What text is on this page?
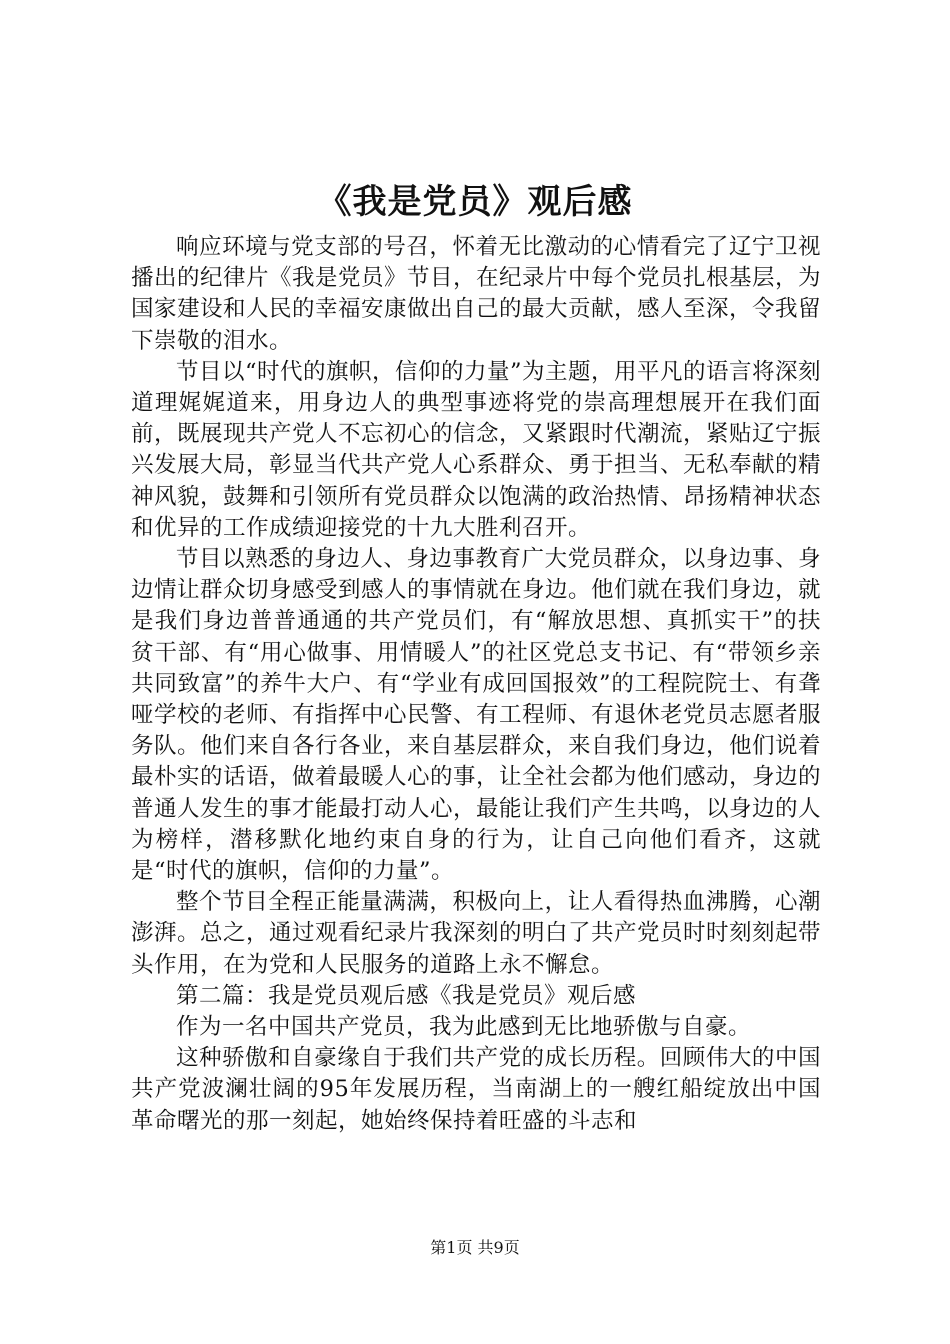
《我是党员》观后感

响应环境与党支部的号召，怀着无比激动的心情看完了辽宁卫视播出的纪律片《我是党员》节目，在纪录片中每个党员扎根基层，为国家建设和人民的幸福安康做出自己的最大贡献，感人至深，令我留下崇敬的泪水。

节目以“时代的旗帜，信仰的力量”为主题，用平凡的语言将深刻道理娓娓道来，用身边人的典型事迹将党的崇高理想展开在我们面前，既展现共产党人不忘初心的信念，又紧跟时代潮流，紧贴辽宁振兴发展大局，彰显当代共产党人心系群众、勇于担当、无私奉献的精神风貌，鼓舞和引领所有党员群众以饱满的政治热情、昂扬精神状态和优异的工作成绩迎接党的十九大胜利召开。

节目以熟悉的身边人、身边事教育广大党员群众，以身边事、身边情让群众切身感受到感人的事情就在身边。他们就在我们身边，就是我们身边普普通通的共产党员们，有“解放思想、真抓实干”的扶贫干部、有“用心做事、用情暖人”的社区党总支书记、有“带领乡亲共同致富”的养牛大户、有“学业有成回国报效”的工程院院士、有聋哑学校的老师、有指挥中心民警、有工程师、有退休老党员志愿者服务队。他们来自各行各业，来自基层群众，来自我们身边，他们说着最朴实的话语，做着最暖人心的事，让全社会都为他们感动，身边的普通人发生的事才能最打动人心，最能让我们产生共鸣，以身边的人为榜样，潜移默化地约束自身的行为，让自己向他们看齐，这就是“时代的旗帜，信仰的力量”。

整个节目全程正能量满满，积极向上，让人看得热血沸腾，心潮澎湃。总之，通过观看纪录片我深刻的明白了共产党员时时刻刻起带头作用，在为党和人民服务的道路上永不懈怠。

第二篇：我是党员观后感《我是党员》观后感

作为一名中国共产党员，我为此感到无比地骄傲与自豪。

这种骄傲和自豪缘自于我们共产党的成长历程。回顾伟大的中国共产党波澜壮阔的95年发展历程，当南湖上的一艘红船绽放出中国革命曙光的那一刻起，她始终保持着旺盛的斗志和

第1页 共9页
